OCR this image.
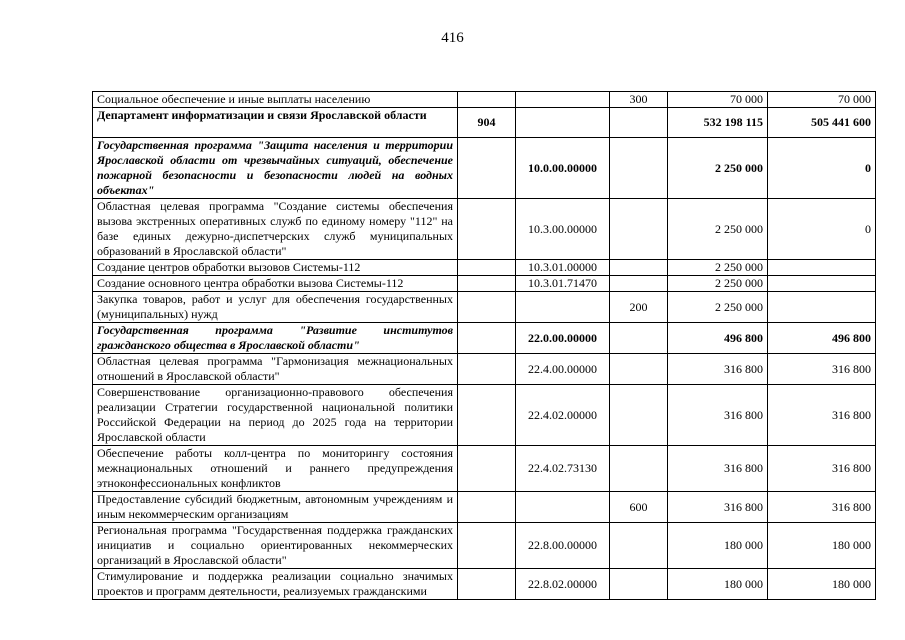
416
Социальное обеспечение и иные выплаты населению			300	70 000	70 000
Департамент информатизации и связи Ярославской области	904			532 198 115	505 441 600
Государственная программа "Защита населения и территории Ярославской области от чрезвычайных ситуаций, обеспечение пожарной безопасности и безопасности людей на водных объектах"		10.0.00.00000		2 250 000	0
Областная целевая программа "Создание системы обеспечения вызова экстренных оперативных служб по единому номеру "112" на базе единых дежурно-диспетчерских служб муниципальных образований в Ярославской области"		10.3.00.00000		2 250 000	0
Создание центров обработки вызовов Системы-112		10.3.01.00000		2 250 000	
Создание основного центра обработки вызова Системы-112		10.3.01.71470		2 250 000	
Закупка товаров, работ и услуг для обеспечения государственных (муниципальных) нужд			200	2 250 000	
Государственная программа "Развитие институтов гражданского общества в Ярославской области"		22.0.00.00000		496 800	496 800
Областная целевая программа "Гармонизация межнациональных отношений в Ярославской области"		22.4.00.00000		316 800	316 800
Совершенствование организационно-правового обеспечения реализации Стратегии государственной национальной политики Российской Федерации на период до 2025 года на территории Ярославской области		22.4.02.00000		316 800	316 800
Обеспечение работы колл-центра по мониторингу состояния межнациональных отношений и раннего предупреждения этноконфессиональных конфликтов		22.4.02.73130		316 800	316 800
Предоставление субсидий бюджетным, автономным учреждениям и иным некоммерческим организациям			600	316 800	316 800
Региональная программа "Государственная поддержка гражданских инициатив и социально ориентированных некоммерческих организаций в Ярославской области"		22.8.00.00000		180 000	180 000
Стимулирование и поддержка реализации социально значимых проектов и программ деятельности, реализуемых гражданскими		22.8.02.00000		180 000	180 000
